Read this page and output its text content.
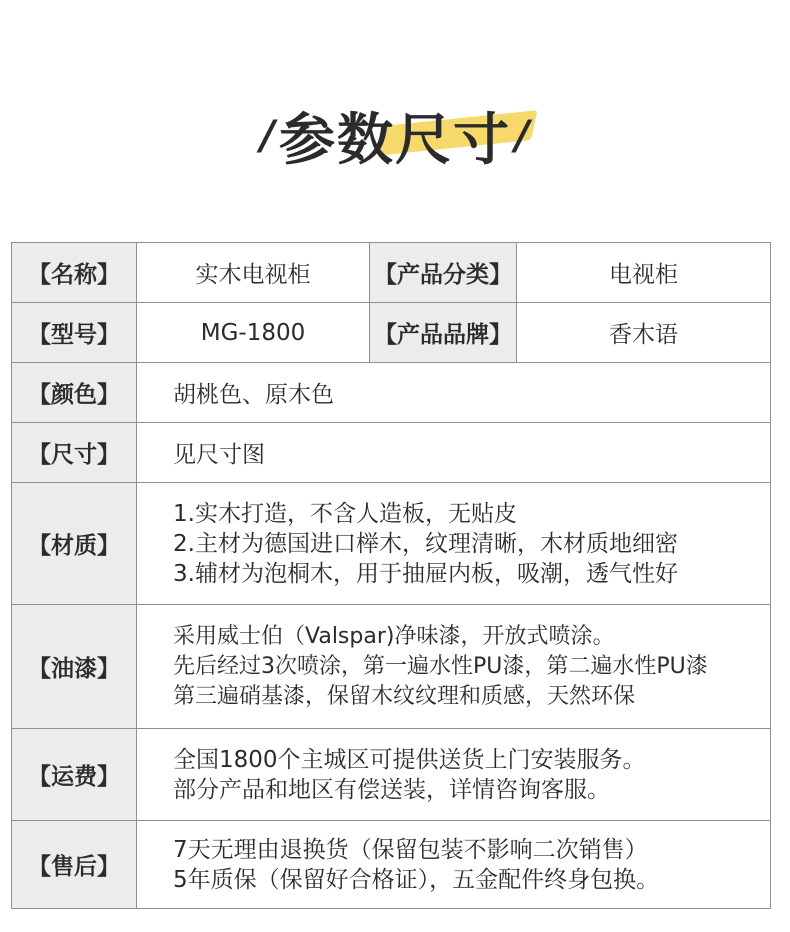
/ 参数尺寸 /
【名称】	实木电视柜	【产品分类】	电视柜
【型号】	MG-1800	【产品品牌】	香木语
【颜色】	胡桃色、原木色		
【尺寸】	见尺寸图		
【材质】	1.实木打造，不含人造板，无贴皮
2.主材为德国进口榉木，纹理清晰，木材质地细密
3.辅材为泡桐木，用于抽屉内板，吸潮，透气性好		

【油漆】	采用威士伯（Valspar)净味漆，开放式喷涂。
先后经过3次喷涂，第一遍水性PU漆，第二遍水性PU漆
第三遍硝基漆，保留木纹纹理和质感，天然环保		

【运费】	全国1800个主城区可提供送货上门安装服务。
部分产品和地区有偿送装，详情咨询客服。		

【售后】	7天无理由退换货（保留包装不影响二次销售）
5年质保（保留好合格证），五金配件终身包换。		
